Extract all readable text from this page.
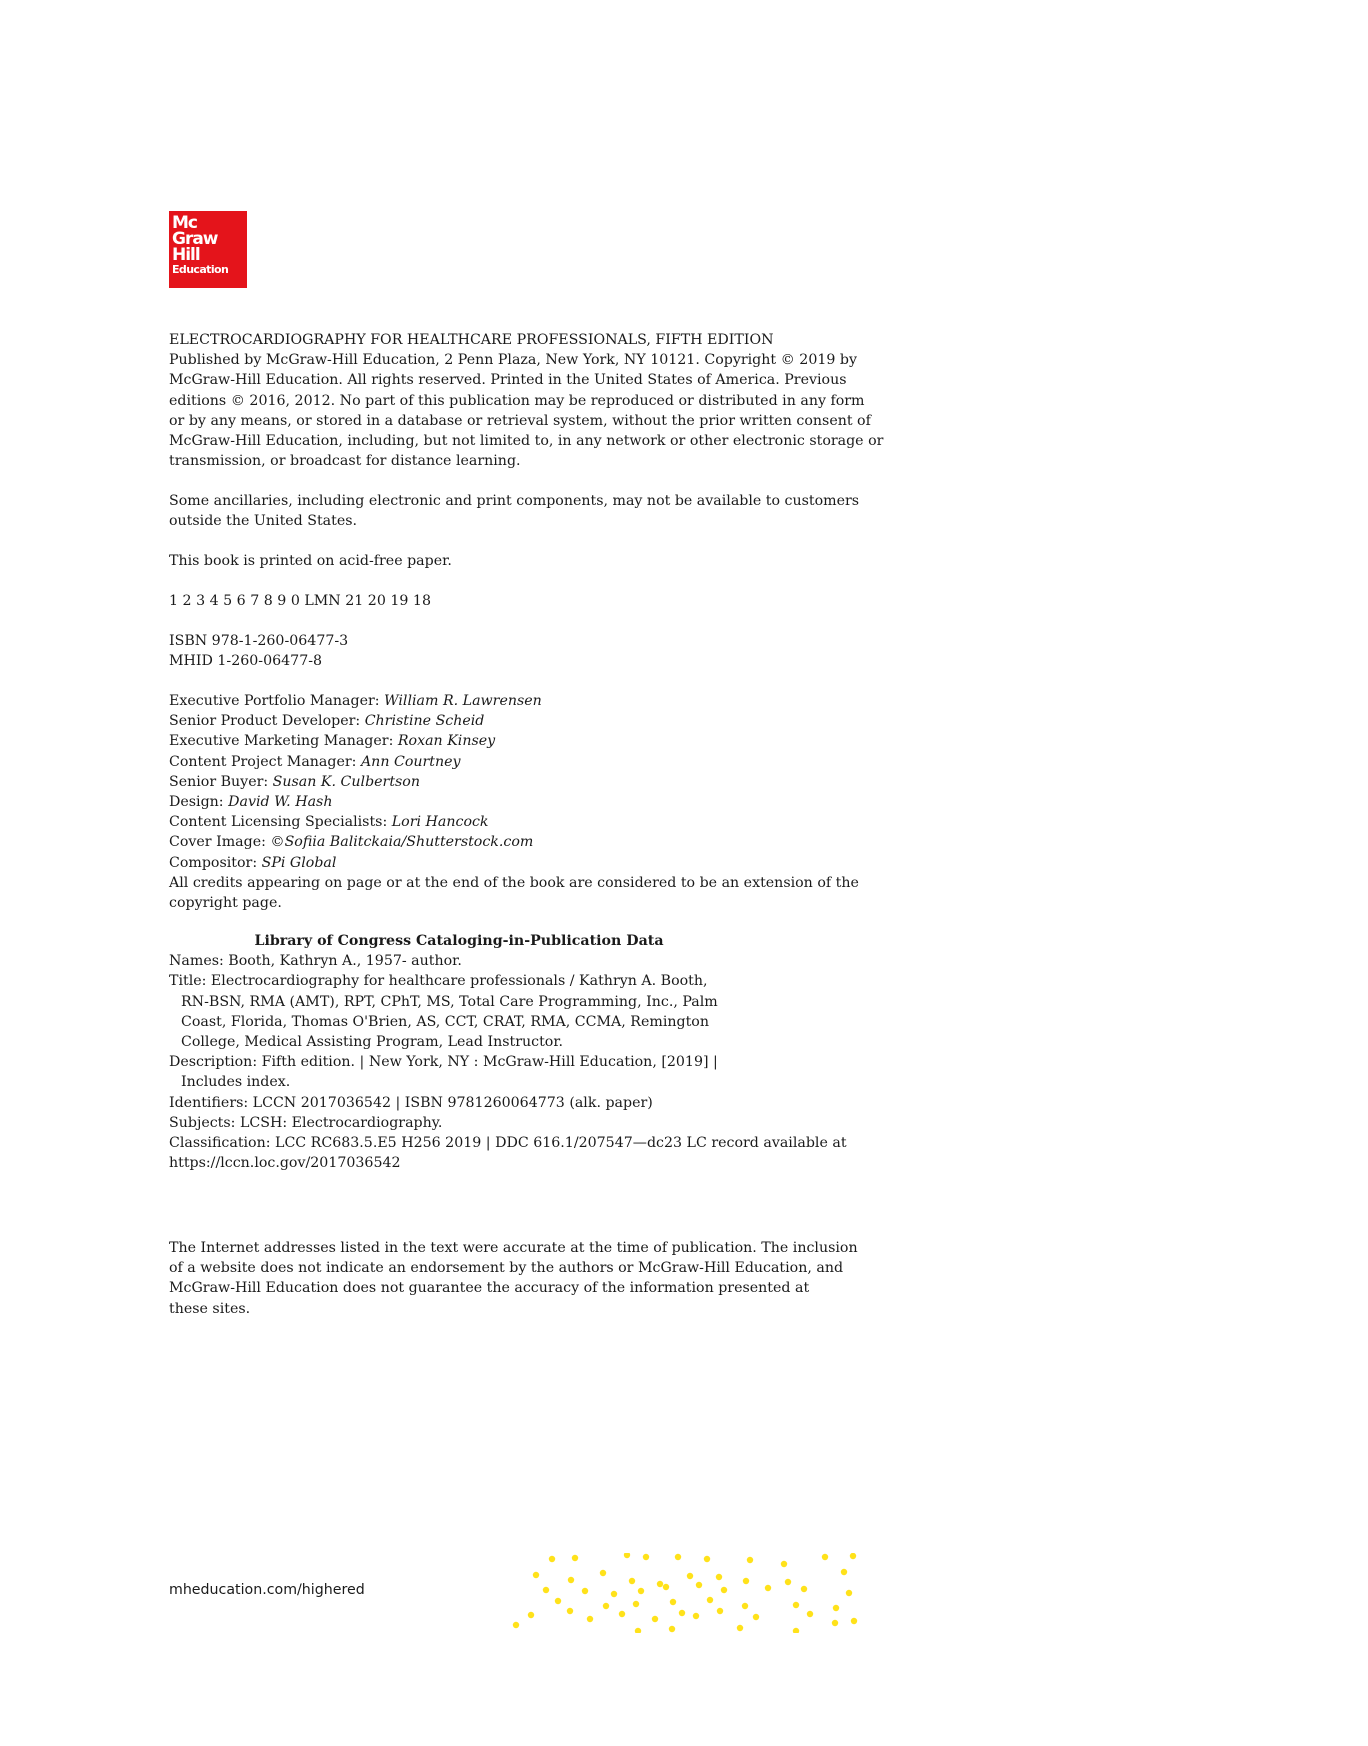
Mc
Graw
Hill
Education

ELECTROCARDIOGRAPHY FOR HEALTHCARE PROFESSIONALS, FIFTH EDITION

Published by McGraw-Hill Education, 2 Penn Plaza, New York, NY 10121. Copyright © 2019 by

McGraw-Hill Education. All rights reserved. Printed in the United States of America. Previous

editions © 2016, 2012. No part of this publication may be reproduced or distributed in any form

or by any means, or stored in a database or retrieval system, without the prior written consent of

McGraw-Hill Education, including, but not limited to, in any network or other electronic storage or

transmission, or broadcast for distance learning.

Some ancillaries, including electronic and print components, may not be available to customers

outside the United States.

This book is printed on acid-free paper.

1 2 3 4 5 6 7 8 9 0 LMN 21 20 19 18

ISBN 978-1-260-06477-3

MHID 1-260-06477-8

Executive Portfolio Manager: William R. Lawrensen

Senior Product Developer: Christine Scheid

Executive Marketing Manager: Roxan Kinsey

Content Project Manager: Ann Courtney

Senior Buyer: Susan K. Culbertson

Design: David W. Hash

Content Licensing Specialists: Lori Hancock

Cover Image: ©Sofiia Balitckaia/Shutterstock.com

Compositor: SPi Global

All credits appearing on page or at the end of the book are considered to be an extension of the

copyright page.

Library of Congress Cataloging-in-Publication Data

Names: Booth, Kathryn A., 1957- author.

Title: Electrocardiography for healthcare professionals / Kathryn A. Booth,

RN-BSN, RMA (AMT), RPT, CPhT, MS, Total Care Programming, Inc., Palm

Coast, Florida, Thomas O'Brien, AS, CCT, CRAT, RMA, CCMA, Remington

College, Medical Assisting Program, Lead Instructor.

Description: Fifth edition. | New York, NY : McGraw-Hill Education, [2019] |

Includes index.

Identifiers: LCCN 2017036542 | ISBN 9781260064773 (alk. paper)

Subjects: LCSH: Electrocardiography.

Classification: LCC RC683.5.E5 H256 2019 | DDC 616.1/207547—dc23 LC record available at

https://lccn.loc.gov/2017036542

The Internet addresses listed in the text were accurate at the time of publication. The inclusion

of a website does not indicate an endorsement by the authors or McGraw-Hill Education, and

McGraw-Hill Education does not guarantee the accuracy of the information presented at

these sites.

mheducation.com/highered
